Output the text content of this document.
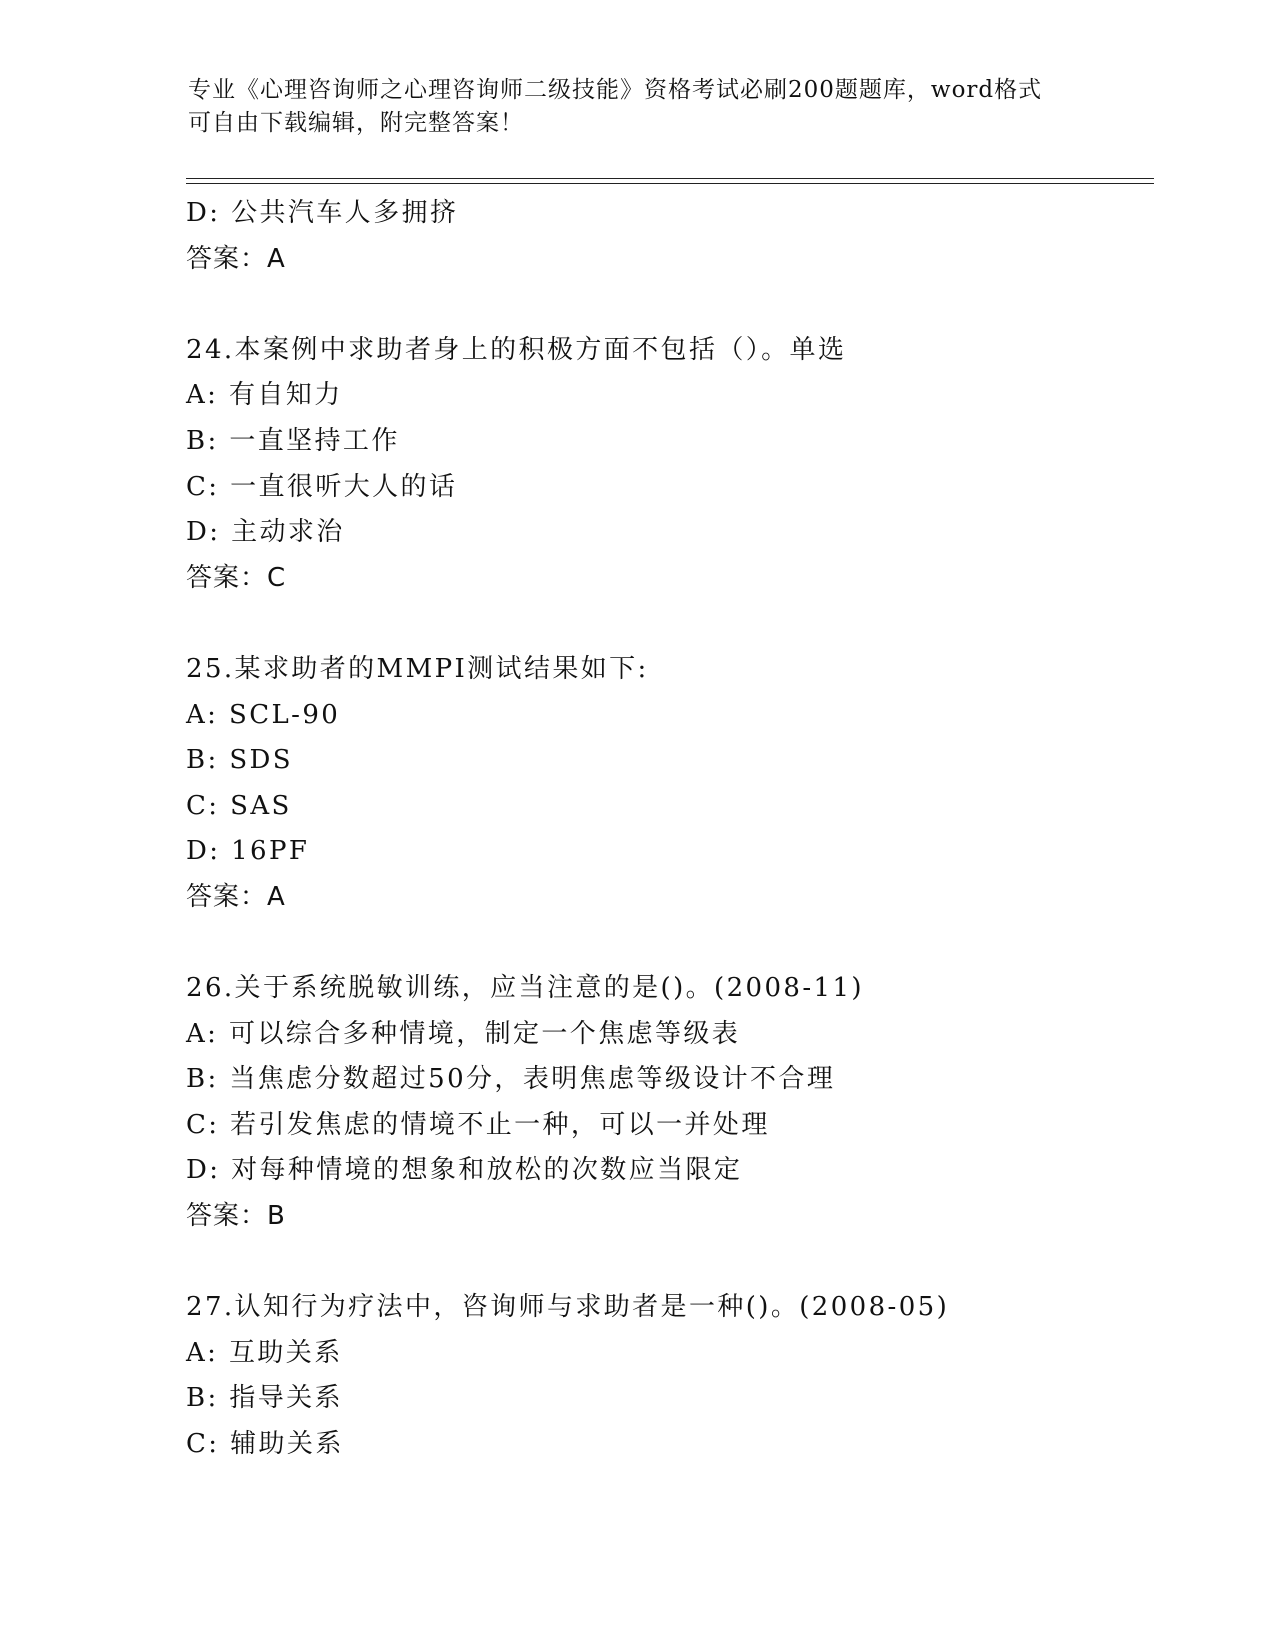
专业《心理咨询师之心理咨询师二级技能》资格考试必刷200题题库，word格式
可自由下载编辑，附完整答案！
D: 公共汽车人多拥挤
答案：A
24.本案例中求助者身上的积极方面不包括（）。单选
A: 有自知力
B: 一直坚持工作
C: 一直很听大人的话
D: 主动求治
答案：C
25.某求助者的MMPI测试结果如下:
A: SCL-90
B: SDS
C: SAS
D: 16PF
答案：A
26.关于系统脱敏训练，应当注意的是()。(2008-11)
A: 可以综合多种情境，制定一个焦虑等级表
B: 当焦虑分数超过50分，表明焦虑等级设计不合理
C: 若引发焦虑的情境不止一种，可以一并处理
D: 对每种情境的想象和放松的次数应当限定
答案：B
27.认知行为疗法中，咨询师与求助者是一种()。(2008-05)
A: 互助关系
B: 指导关系
C: 辅助关系
